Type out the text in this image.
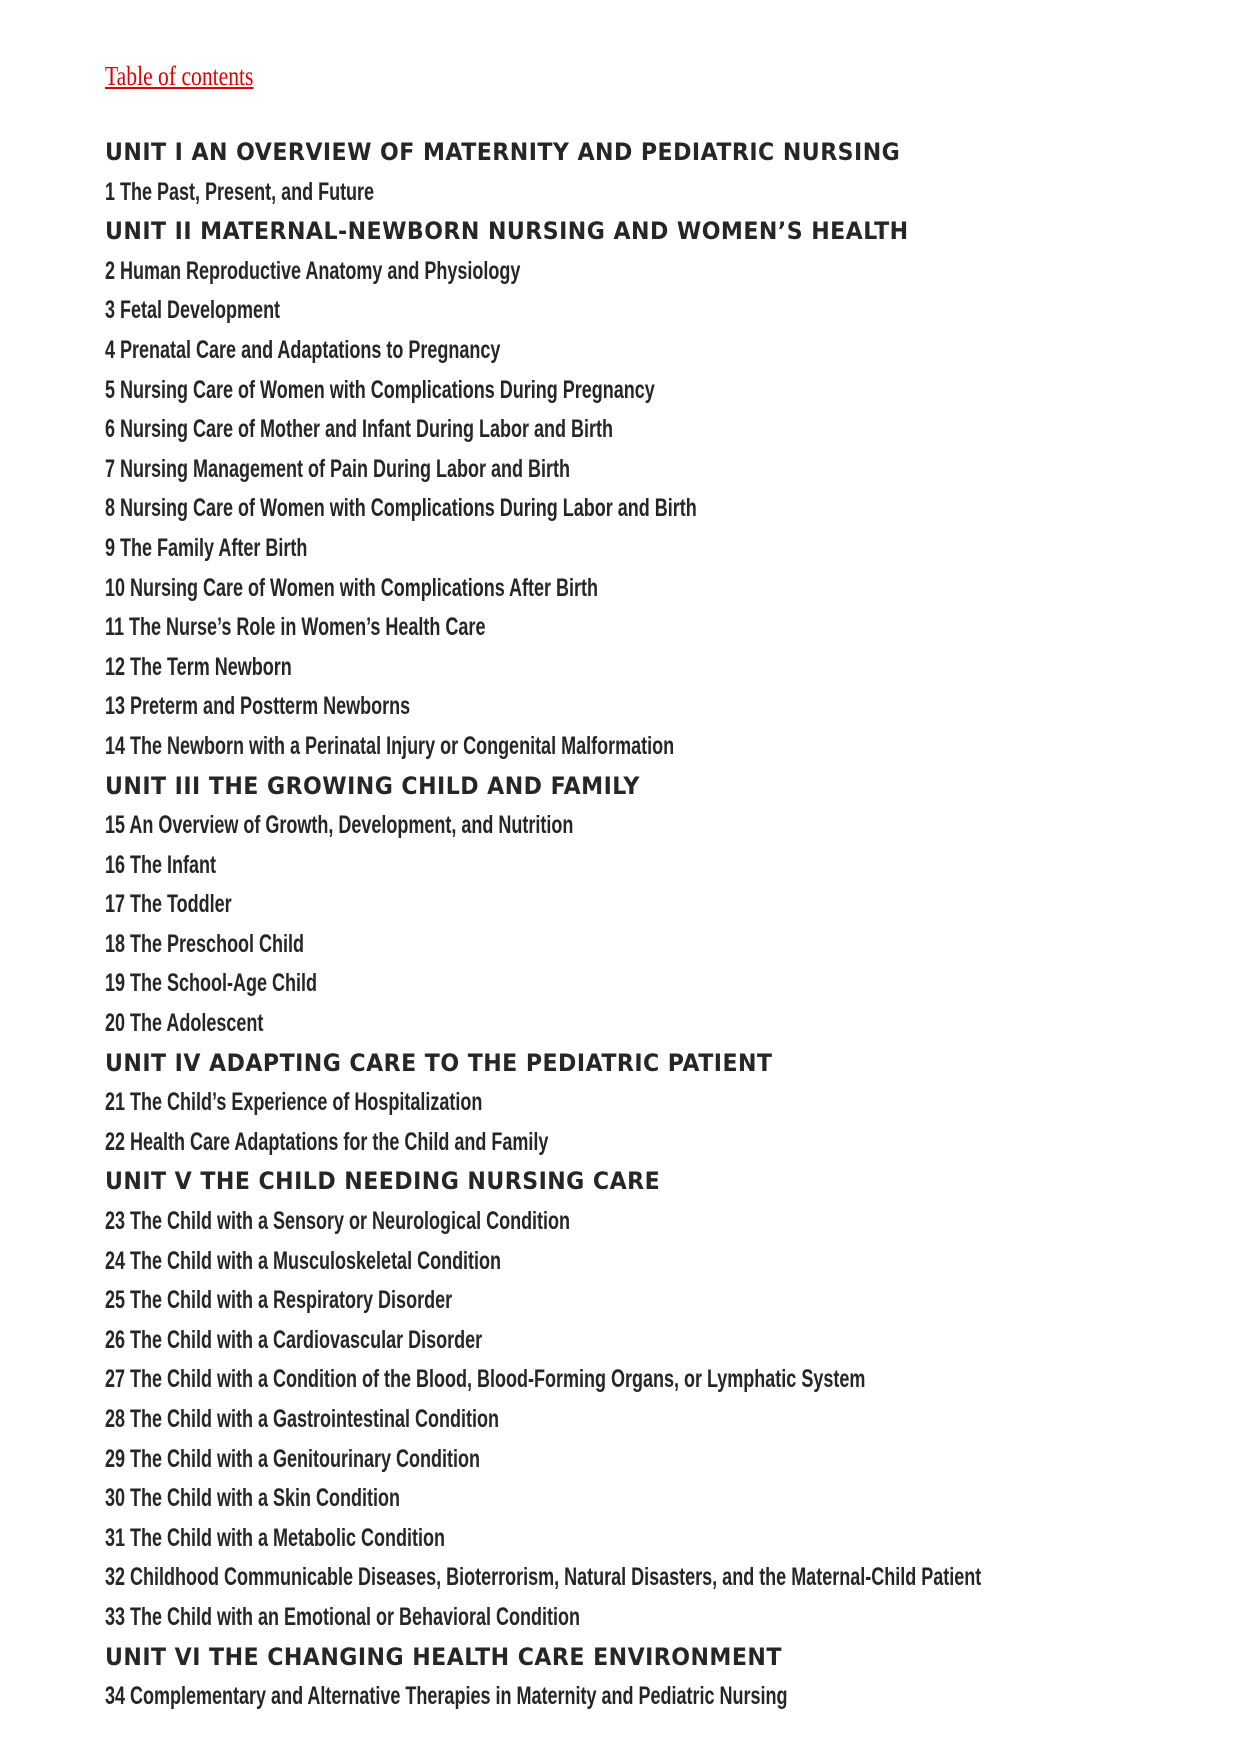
Table of contents
UNIT I AN OVERVIEW OF MATERNITY AND PEDIATRIC NURSING
1 The Past, Present, and Future
UNIT II MATERNAL-NEWBORN NURSING AND WOMEN’S HEALTH
2 Human Reproductive Anatomy and Physiology
3 Fetal Development
4 Prenatal Care and Adaptations to Pregnancy
5 Nursing Care of Women with Complications During Pregnancy
6 Nursing Care of Mother and Infant During Labor and Birth
7 Nursing Management of Pain During Labor and Birth
8 Nursing Care of Women with Complications During Labor and Birth
9 The Family After Birth
10 Nursing Care of Women with Complications After Birth
11 The Nurse’s Role in Women’s Health Care
12 The Term Newborn
13 Preterm and Postterm Newborns
14 The Newborn with a Perinatal Injury or Congenital Malformation
UNIT III THE GROWING CHILD AND FAMILY
15 An Overview of Growth, Development, and Nutrition
16 The Infant
17 The Toddler
18 The Preschool Child
19 The School-Age Child
20 The Adolescent
UNIT IV ADAPTING CARE TO THE PEDIATRIC PATIENT
21 The Child’s Experience of Hospitalization
22 Health Care Adaptations for the Child and Family
UNIT V THE CHILD NEEDING NURSING CARE
23 The Child with a Sensory or Neurological Condition
24 The Child with a Musculoskeletal Condition
25 The Child with a Respiratory Disorder
26 The Child with a Cardiovascular Disorder
27 The Child with a Condition of the Blood, Blood-Forming Organs, or Lymphatic System
28 The Child with a Gastrointestinal Condition
29 The Child with a Genitourinary Condition
30 The Child with a Skin Condition
31 The Child with a Metabolic Condition
32 Childhood Communicable Diseases, Bioterrorism, Natural Disasters, and the Maternal-Child Patient
33 The Child with an Emotional or Behavioral Condition
UNIT VI THE CHANGING HEALTH CARE ENVIRONMENT
34 Complementary and Alternative Therapies in Maternity and Pediatric Nursing
